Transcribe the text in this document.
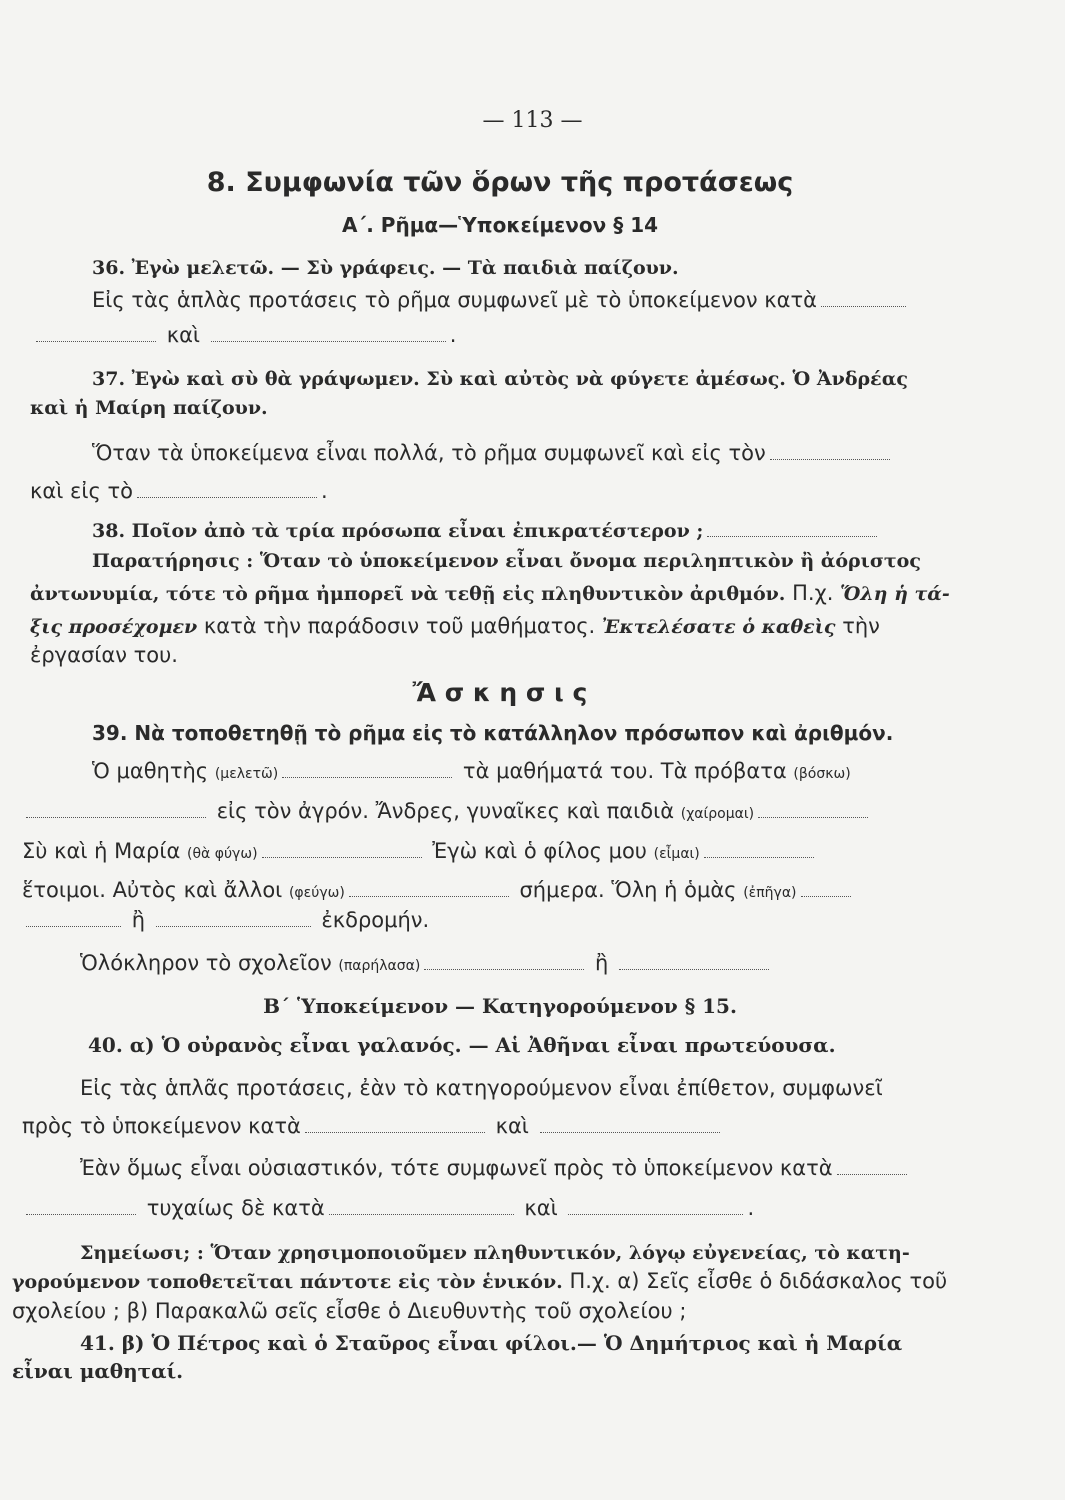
— 113 —
8. Συμφωνία τῶν ὅρων τῆς προτάσεως
Α΄. Ρῆμα—Ὑποκείμενον § 14
36. Ἐγὼ μελετῶ. — Σὺ γράφεις. — Τὰ παιδιὰ παίζουν.
Εἰς τὰς ἁπλὰς προτάσεις τὸ ρῆμα συμφωνεῖ μὲ τὸ ὑποκείμενον κατὰ
καὶ	.
37. Ἐγὼ καὶ σὺ θὰ γράψωμεν. Σὺ καὶ αὐτὸς νὰ φύγετε ἀμέσως. Ὁ Ἀνδρέας
καὶ ἡ Μαίρη παίζουν.
Ὅταν τὰ ὑποκείμενα εἶναι πολλά, τὸ ρῆμα συμφωνεῖ καὶ εἰς τὸν
καὶ εἰς τὸ	.
38. Ποῖον ἀπὸ τὰ τρία πρόσωπα εἶναι ἐπικρατέστερον ;
Παρατήρησις : Ὅταν τὸ ὑποκείμενον εἶναι ὄνομα περιληπτικὸν ἢ ἀόριστος
ἀντωνυμία, τότε τὸ ρῆμα ἠμπορεῖ νὰ τεθῇ εἰς πληθυντικὸν ἀριθμόν. Π.χ. Ὅλη ἡ τά-
ξις προσέχομεν κατὰ τὴν παράδοσιν τοῦ μαθήματος. Ἐκτελέσατε ὁ καθεὶς τὴν
ἐργασίαν του.
Ἄ σ κ η σ ι ς
39. Νὰ τοποθετηθῇ τὸ ρῆμα εἰς τὸ κατάλληλον πρόσωπον καὶ ἀριθμόν.
Ὁ μαθητὴς (μελετῶ)	τὰ μαθήματά του. Τὰ πρόβατα (βόσκω)
εἰς τὸν ἀγρόν. Ἄνδρες, γυναῖκες καὶ παιδιὰ (χαίρομαι)
Σὺ καὶ ἡ Μαρία (θὰ φύγω)	Ἐγὼ καὶ ὁ φίλος μου (εἶμαι)
ἕτοιμοι. Αὐτὸς καὶ ἄλλοι (φεύγω)	σήμερα. Ὅλη ἡ ὁμὰς (ἐπῆγα)
ἢ	ἐκδρομήν.
Ὁλόκληρον τὸ σχολεῖον (παρήλασα)	ἢ
Β΄ Ὑποκείμενον — Κατηγορούμενον § 15.
40. α) Ὁ οὐρανὸς εἶναι γαλανός. — Αἱ Ἀθῆναι εἶναι πρωτεύουσα.
Εἰς τὰς ἁπλᾶς προτάσεις, ἐὰν τὸ κατηγορούμενον εἶναι ἐπίθετον, συμφωνεῖ
πρὸς τὸ ὑποκείμενον κατὰ	καὶ
Ἐὰν ὅμως εἶναι οὐσιαστικόν, τότε συμφωνεῖ πρὸς τὸ ὑποκείμενον κατὰ
τυχαίως δὲ κατὰ	καὶ	.
Σημείωσι; : Ὅταν χρησιμοποιοῦμεν πληθυντικόν, λόγῳ εὐγενείας, τὸ κατη-
γορούμενον τοποθετεῖται πάντοτε εἰς τὸν ἑνικόν. Π.χ. α) Σεῖς εἶσθε ὁ διδάσκαλος τοῦ
σχολείου ; β) Παρακαλῶ σεῖς εἶσθε ὁ Διευθυντὴς τοῦ σχολείου ;
41. β) Ὁ Πέτρος καὶ ὁ Σταῦρος εἶναι φίλοι.— Ὁ Δημήτριος καὶ ἡ Μαρία
εἶναι μαθηταί.
